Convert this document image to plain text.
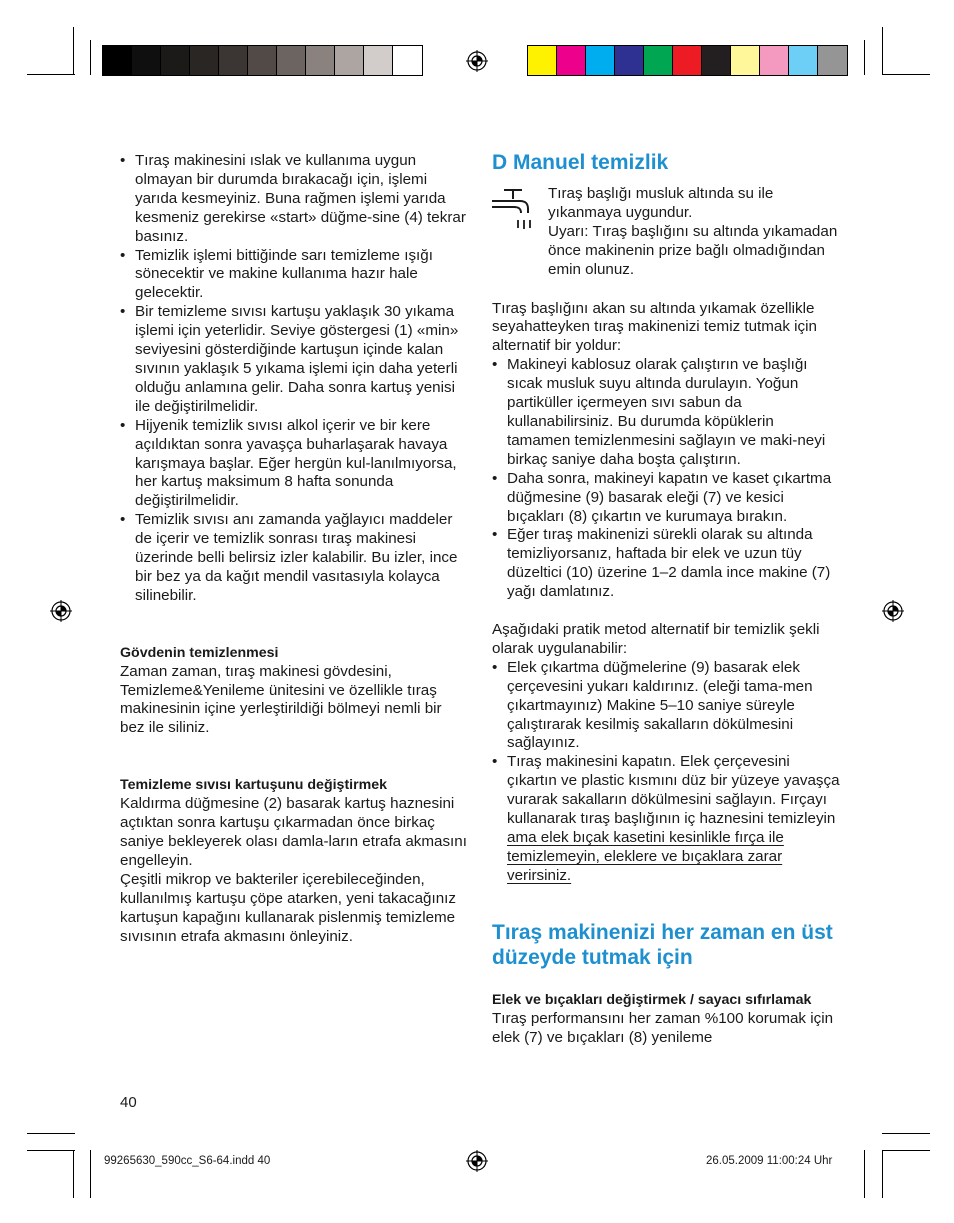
• Tıraş makinesini ıslak ve kullanıma uygun olmayan bir durumda bırakacağı için, işlemi yarıda kesmeyiniz. Buna rağmen işlemi yarıda kesmeniz gerekirse «start» düğme-sine (4) tekrar basınız.

• Temizlik işlemi bittiğinde sarı temizleme ışığı sönecektir ve makine kullanıma hazır hale gelecektir.

• Bir temizleme sıvısı kartuşu yaklaşık 30 yıkama işlemi için yeterlidir. Seviye göstergesi (1) «min» seviyesini gösterdiğinde kartuşun içinde kalan sıvının yaklaşık 5 yıkama işlemi için daha yeterli olduğu anlamına gelir. Daha sonra kartuş yenisi ile değiştirilmelidir.

• Hijyenik temizlik sıvısı alkol içerir ve bir kere açıldıktan sonra yavaşça buharlaşarak havaya karışmaya başlar. Eğer hergün kul-lanılmıyorsa, her kartuş maksimum 8 hafta sonunda değiştirilmelidir.

• Temizlik sıvısı anı zamanda yağlayıcı maddeler de içerir ve temizlik sonrası tıraş makinesi üzerinde belli belirsiz izler kalabilir. Bu izler, ince bir bez ya da kağıt mendil vasıtasıyla kolayca silinebilir.

Gövdenin temizlenmesi

Zaman zaman, tıraş makinesi gövdesini, Temizleme&Yenileme ünitesini ve özellikle tıraş makinesinin içine yerleştirildiği bölmeyi nemli bir bez ile siliniz.

Temizleme sıvısı kartuşunu değiştirmek

Kaldırma düğmesine (2) basarak kartuş haznesini açtıktan sonra kartuşu çıkarmadan önce birkaç saniye bekleyerek olası damla-ların etrafa akmasını engelleyin.

Çeşitli mikrop ve bakteriler içerebileceğinden, kullanılmış kartuşu çöpe atarken, yeni takacağınız kartuşun kapağını kullanarak pislenmiş temizleme sıvısının etrafa akmasını önleyiniz.

D Manuel temizlik

Tıraş başlığı musluk altında su ile yıkanmaya uygundur.

Uyarı: Tıraş başlığını su altında yıkamadan önce makinenin prize bağlı olmadığından emin olunuz.

Tıraş başlığını akan su altında yıkamak özellikle seyahatteyken tıraş makinenizi temiz tutmak için alternatif bir yoldur:

• Makineyi kablosuz olarak çalıştırın ve başlığı sıcak musluk suyu altında durulayın. Yoğun partiküller içermeyen sıvı sabun da kullanabilirsiniz. Bu durumda köpüklerin tamamen temizlenmesini sağlayın ve maki-neyi birkaç saniye daha boşta çalıştırın.

• Daha sonra, makineyi kapatın ve kaset çıkartma düğmesine (9) basarak eleği (7) ve kesici bıçakları (8) çıkartın ve kurumaya bırakın.

• Eğer tıraş makinenizi sürekli olarak su altında temizliyorsanız, haftada bir elek ve uzun tüy düzeltici (10) üzerine 1–2 damla ince makine (7) yağı damlatınız.

Aşağıdaki pratik metod alternatif bir temizlik şekli olarak uygulanabilir:

• Elek çıkartma düğmelerine (9) basarak elek çerçevesini yukarı kaldırınız. (eleği tama-men çıkartmayınız) Makine 5–10 saniye süreyle çalıştırarak kesilmiş sakalların dökülmesini sağlayınız.

• Tıraş makinesini kapatın. Elek çerçevesini çıkartın ve plastic kısmını düz bir yüzeye yavaşça vurarak sakalların dökülmesini sağlayın. Fırçayı kullanarak tıraş başlığının iç haznesini temizleyin ama elek bıçak kasetini kesinlikle fırça ile temizlemeyin, eleklere ve bıçaklara zarar verirsiniz.

Tıraş makinenizi her zaman en üst düzeyde tutmak için

Elek ve bıçakları değiştirmek / sayacı sıfırlamak

Tıraş performansını her zaman %100 korumak için elek (7) ve bıçakları (8) yenileme

40
99265630_590cc_S6-64.indd 40	26.05.2009 11:00:24 Uhr
